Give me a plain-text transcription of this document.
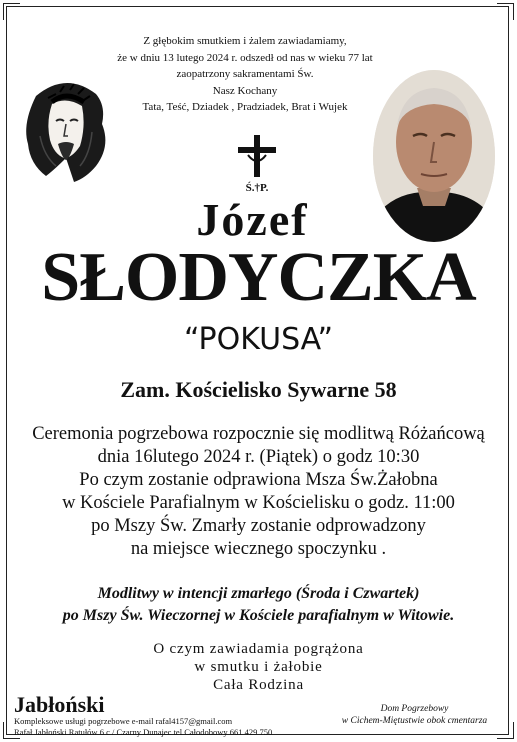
Z głębokim smutkiem i żalem zawiadamiamy,
że w dniu 13 lutego 2024 r. odszedł od nas w wieku 77 lat
zaopatrzony sakramentami Św.
Nasz Kochany
Tata, Teść, Dziadek , Pradziadek, Brat i Wujek
Ś.†P.
Józef
SŁODYCZKA
“POKUSA”
Zam. Kościelisko Sywarne 58
Ceremonia pogrzebowa rozpocznie się modlitwą Różańcową
dnia 16lutego 2024 r. (Piątek) o godz 10:30
Po czym zostanie odprawiona Msza Św.Żałobna
w Kościele Parafialnym w Kościelisku o godz. 11:00
po Mszy Św. Zmarły zostanie odprowadzony
na miejsce wiecznego spoczynku .
Modlitwy w intencji zmarłego (Środa i Czwartek)
po Mszy Św. Wieczornej w Kościele parafialnym w Witowie.
O czym zawiadamia pogrążona
w smutku i żałobie
Cała Rodzina
Jabłoński
Kompleksowe usługi pogrzebowe e-mail rafal4157@gmail.com
Rafał Jabłoński Ratułów 6 c / Czarny Dunajec tel Całodobowy 661 429 750
Dom Pogrzebowy
w Cichem-Miętustwie obok cmentarza
